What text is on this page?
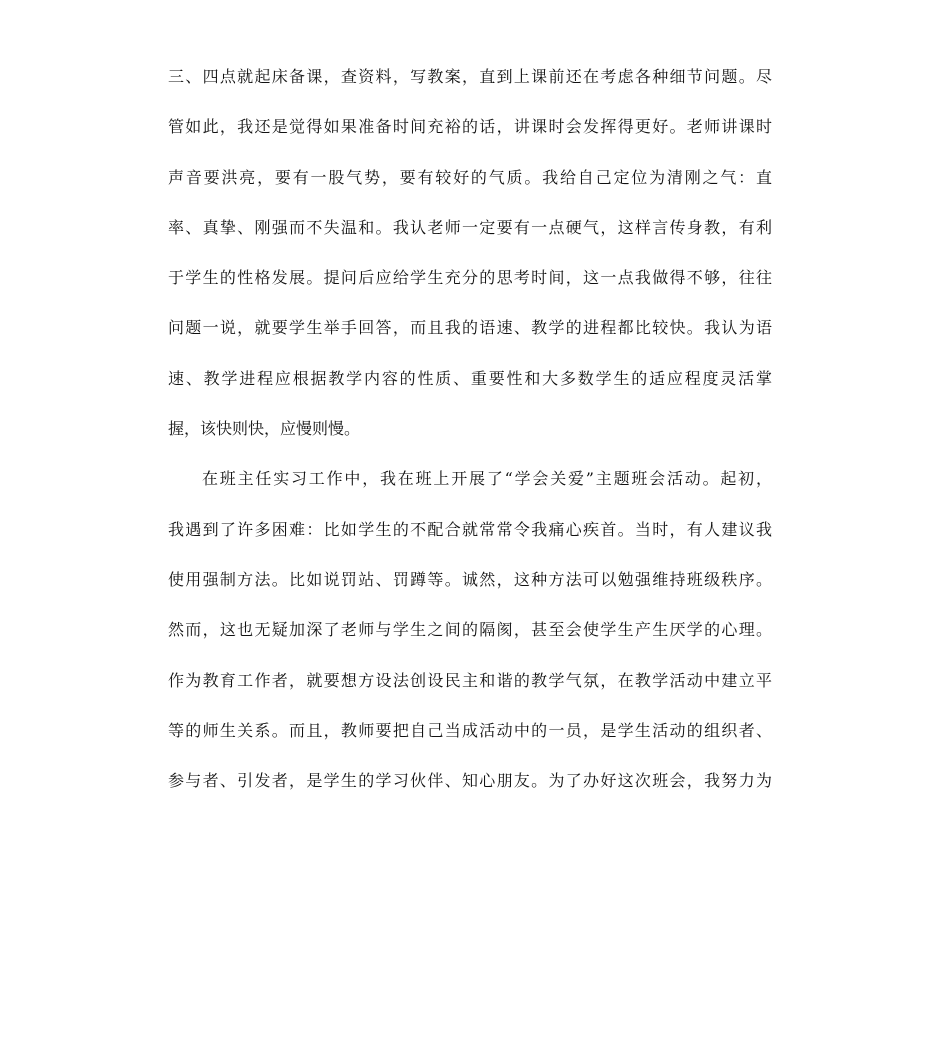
三、四点就起床备课，查资料，写教案，直到上课前还在考虑各种细节问题。尽
管如此，我还是觉得如果准备时间充裕的话，讲课时会发挥得更好。老师讲课时
声音要洪亮，要有一股气势，要有较好的气质。我给自己定位为清刚之气：直
率、真挚、刚强而不失温和。我认老师一定要有一点硬气，这样言传身教，有利
于学生的性格发展。提问后应给学生充分的思考时间，这一点我做得不够，往往
问题一说，就要学生举手回答，而且我的语速、教学的进程都比较快。我认为语
速、教学进程应根据教学内容的性质、重要性和大多数学生的适应程度灵活掌
握，该快则快，应慢则慢。
在班主任实习工作中，我在班上开展了“学会关爱”主题班会活动。起初，
我遇到了许多困难：比如学生的不配合就常常令我痛心疾首。当时，有人建议我
使用强制方法。比如说罚站、罚蹲等。诚然，这种方法可以勉强维持班级秩序。
然而，这也无疑加深了老师与学生之间的隔阂，甚至会使学生产生厌学的心理。
作为教育工作者，就要想方设法创设民主和谐的教学气氛，在教学活动中建立平
等的师生关系。而且，教师要把自己当成活动中的一员，是学生活动的组织者、
参与者、引发者，是学生的学习伙伴、知心朋友。为了办好这次班会，我努力为
